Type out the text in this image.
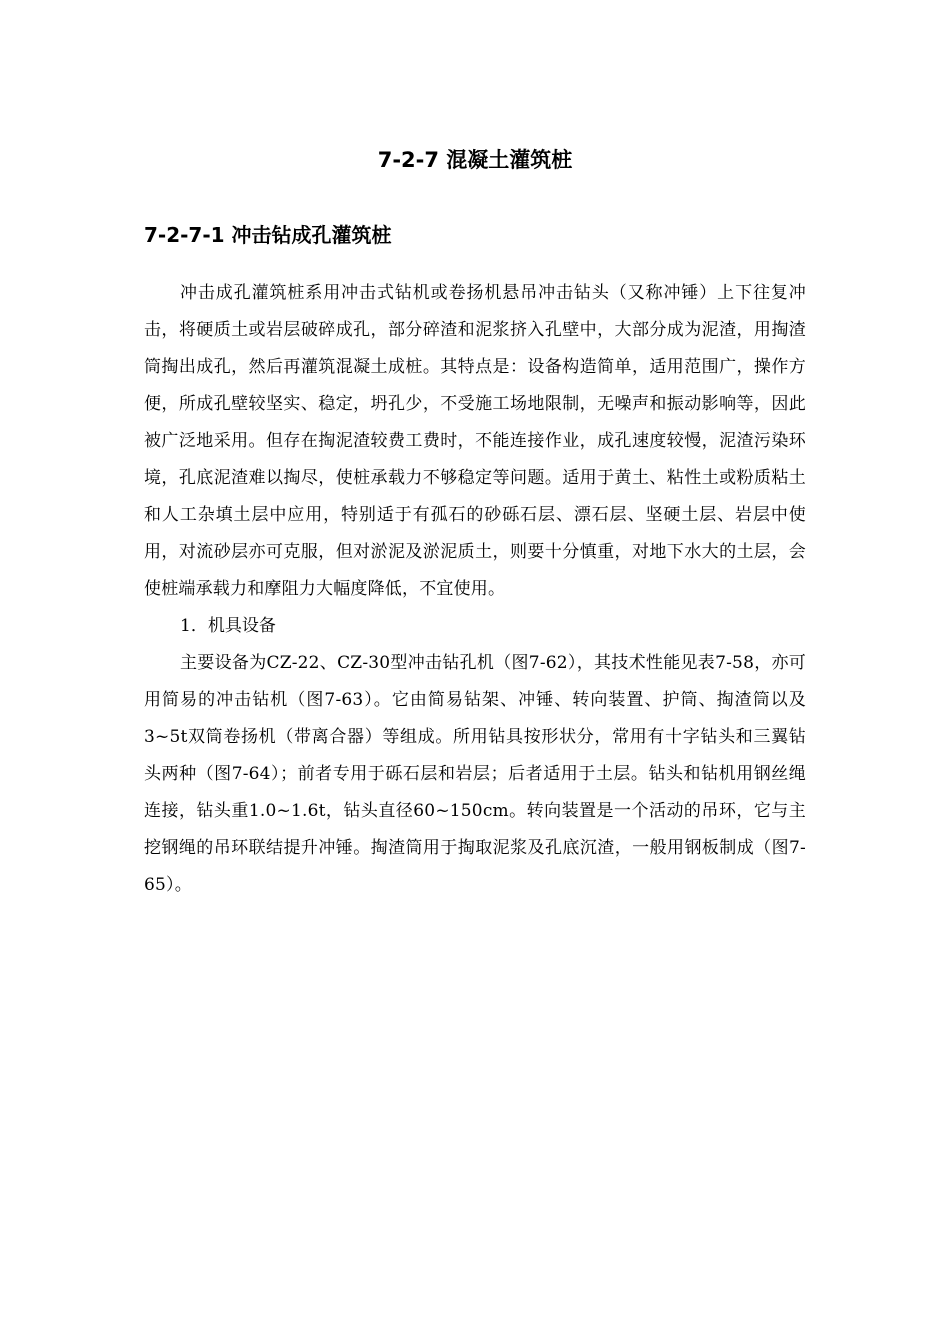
7-2-7 混凝土灌筑桩
7-2-7-1 冲击钻成孔灌筑桩

冲击成孔灌筑桩系用冲击式钻机或卷扬机悬吊冲击钻头（又称冲锤）上下往复冲击，将硬质土或岩层破碎成孔，部分碎渣和泥浆挤入孔壁中，大部分成为泥渣，用掏渣筒掏出成孔，然后再灌筑混凝土成桩。其特点是：设备构造简单，适用范围广，操作方便，所成孔壁较坚实、稳定，坍孔少，不受施工场地限制，无噪声和振动影响等，因此被广泛地采用。但存在掏泥渣较费工费时，不能连接作业，成孔速度较慢，泥渣污染环境，孔底泥渣难以掏尽，使桩承载力不够稳定等问题。适用于黄土、粘性土或粉质粘土和人工杂填土层中应用，特别适于有孤石的砂砾石层、漂石层、坚硬土层、岩层中使用，对流砂层亦可克服，但对淤泥及淤泥质土，则要十分慎重，对地下水大的土层，会使桩端承载力和摩阻力大幅度降低，不宜使用。

1．机具设备

主要设备为CZ-22、CZ-30型冲击钻孔机（图7-62），其技术性能见表7-58，亦可用简易的冲击钻机（图7-63）。它由简易钻架、冲锤、转向装置、护筒、掏渣筒以及3~5t双筒卷扬机（带离合器）等组成。所用钻具按形状分，常用有十字钻头和三翼钻头两种（图7-64）；前者专用于砾石层和岩层；后者适用于土层。钻头和钻机用钢丝绳连接，钻头重1.0~1.6t，钻头直径60~150cm。转向装置是一个活动的吊环，它与主挖钢绳的吊环联结提升冲锤。掏渣筒用于掏取泥浆及孔底沉渣，一般用钢板制成（图7-65）。
